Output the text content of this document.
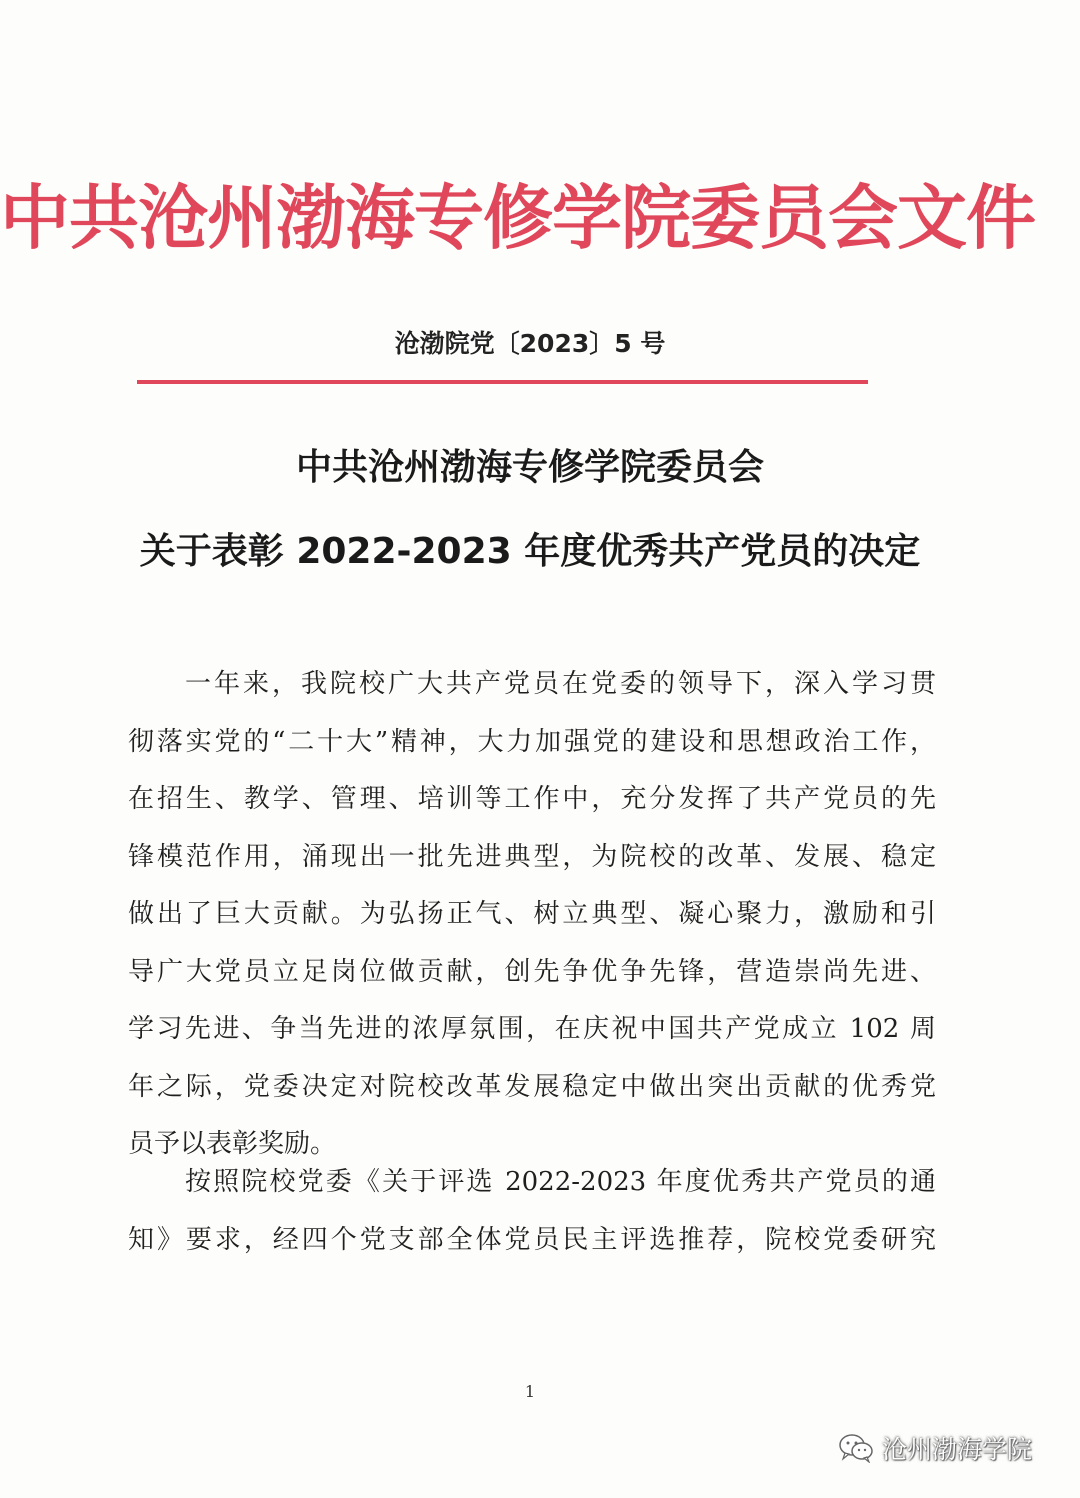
中共沧州渤海专修学院委员会文件
沧渤院党〔2023〕5 号
中共沧州渤海专修学院委员会
关于表彰 2022-2023 年度优秀共产党员的决定
一年来，我院校广大共产党员在党委的领导下，深入学习贯
彻落实党的“二十大”精神，大力加强党的建设和思想政治工作，
在招生、教学、管理、培训等工作中，充分发挥了共产党员的先
锋模范作用，涌现出一批先进典型，为院校的改革、发展、稳定
做出了巨大贡献。为弘扬正气、树立典型、凝心聚力，激励和引
导广大党员立足岗位做贡献，创先争优争先锋，营造崇尚先进、
学习先进、争当先进的浓厚氛围，在庆祝中国共产党成立 102 周
年之际，党委决定对院校改革发展稳定中做出突出贡献的优秀党
员予以表彰奖励。
按照院校党委《关于评选 2022-2023 年度优秀共产党员的通
知》要求，经四个党支部全体党员民主评选推荐，院校党委研究
1
沧州渤海学院
